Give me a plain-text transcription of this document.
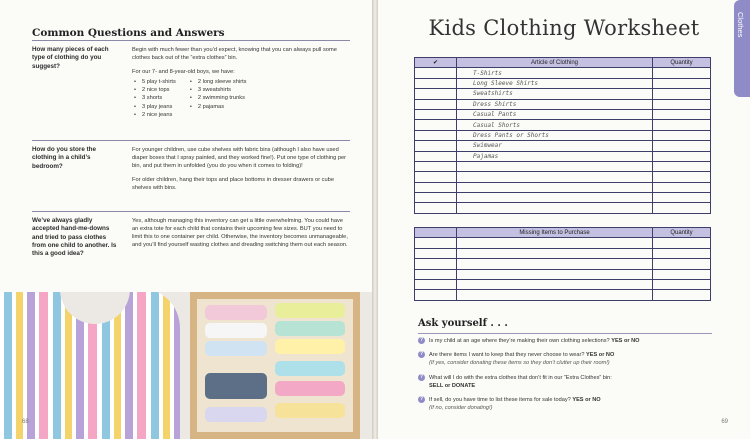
Common Questions and Answers
How many pieces of each type of clothing do you suggest?

Begin with much fewer than you’d expect, knowing that you can always pull some clothes back out of the “extra clothes” bin.

For our 7- and 8-year-old boys, we have:

• 5 play t-shirts
• 2 nice tops
• 3 shorts
• 3 play jeans
• 2 nice jeans
• 2 long sleeve shirts
• 3 sweatshirts
• 2 swimming trunks
• 2 pajamas
How do you store the clothing in a child’s bedroom?

For younger children, use cube shelves with fabric bins (although I also have used diaper boxes that I spray painted, and they worked fine!). Put one type of clothing per bin, and put them in unfolded (you do you when it comes to folding)!

For older children, hang their tops and place bottoms in dresser drawers or cube shelves with bins.

We’ve always gladly accepted hand-me-downs and tried to pass clothes from one child to another. Is this a good idea?

Yes, although managing this inventory can get a little overwhelming. You could have an extra tote for each child that contains their upcoming few sizes. BUT you need to limit this to one container per child. Otherwise, the inventory becomes unmanageable, and you’ll find yourself wasting clothes and dreading switching them out each season.

68
Clothes
Kids Clothing Worksheet
✔	Article of Clothing	Quantity
	T-Shirts	
	Long Sleeve Shirts	
	Sweatshirts	
	Dress Shirts	
	Casual Pants	
	Casual Shorts	
	Dress Pants or Shorts	
	Swimwear	
	Pajamas	

	Missing Items to Purchase	Quantity

Ask yourself . . .
? Is my child at an age where they’re making their own clothing selections? YES or NO
? Are there items I want to keep that they never choose to wear? YES or NO
(If yes, consider donating these items so they don’t clutter up their room!)
? What will I do with the extra clothes that don’t fit in our “Extra Clothes” bin:
SELL or DONATE
? If sell, do you have time to list these items for sale today? YES or NO
(If no, consider donating!)
69
